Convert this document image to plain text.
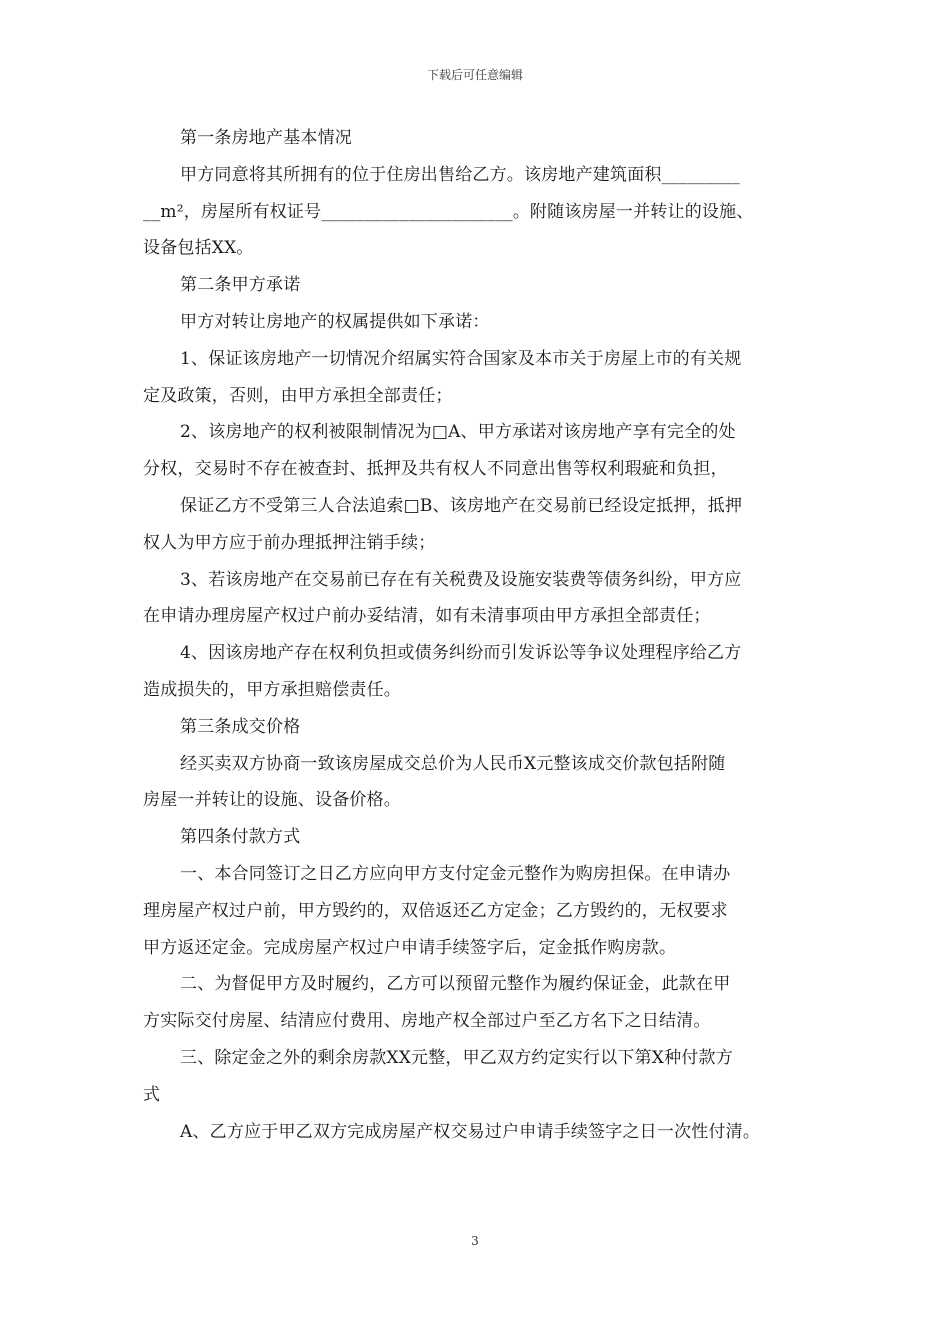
下载后可任意编辑
第一条房地产基本情况
甲方同意将其所拥有的位于住房出售给乙方。该房地产建筑面积_________
__m²，房屋所有权证号______________________。附随该房屋一并转让的设施、
设备包括XX。
第二条甲方承诺
甲方对转让房地产的权属提供如下承诺：
1、保证该房地产一切情况介绍属实符合国家及本市关于房屋上市的有关规
定及政策，否则，由甲方承担全部责任；
2、该房地产的权利被限制情况为□A、甲方承诺对该房地产享有完全的处
分权，交易时不存在被查封、抵押及共有权人不同意出售等权利瑕疵和负担，
保证乙方不受第三人合法追索□B、该房地产在交易前已经设定抵押，抵押
权人为甲方应于前办理抵押注销手续；
3、若该房地产在交易前已存在有关税费及设施安装费等债务纠纷，甲方应
在申请办理房屋产权过户前办妥结清，如有未清事项由甲方承担全部责任；
4、因该房地产存在权利负担或债务纠纷而引发诉讼等争议处理程序给乙方
造成损失的，甲方承担赔偿责任。
第三条成交价格
经买卖双方协商一致该房屋成交总价为人民币X元整该成交价款包括附随
房屋一并转让的设施、设备价格。
第四条付款方式
一、本合同签订之日乙方应向甲方支付定金元整作为购房担保。在申请办
理房屋产权过户前，甲方毁约的，双倍返还乙方定金；乙方毁约的，无权要求
甲方返还定金。完成房屋产权过户申请手续签字后，定金抵作购房款。
二、为督促甲方及时履约，乙方可以预留元整作为履约保证金，此款在甲
方实际交付房屋、结清应付费用、房地产权全部过户至乙方名下之日结清。
三、除定金之外的剩余房款XX元整，甲乙双方约定实行以下第X种付款方
式
A、乙方应于甲乙双方完成房屋产权交易过户申请手续签字之日一次性付清。
3
